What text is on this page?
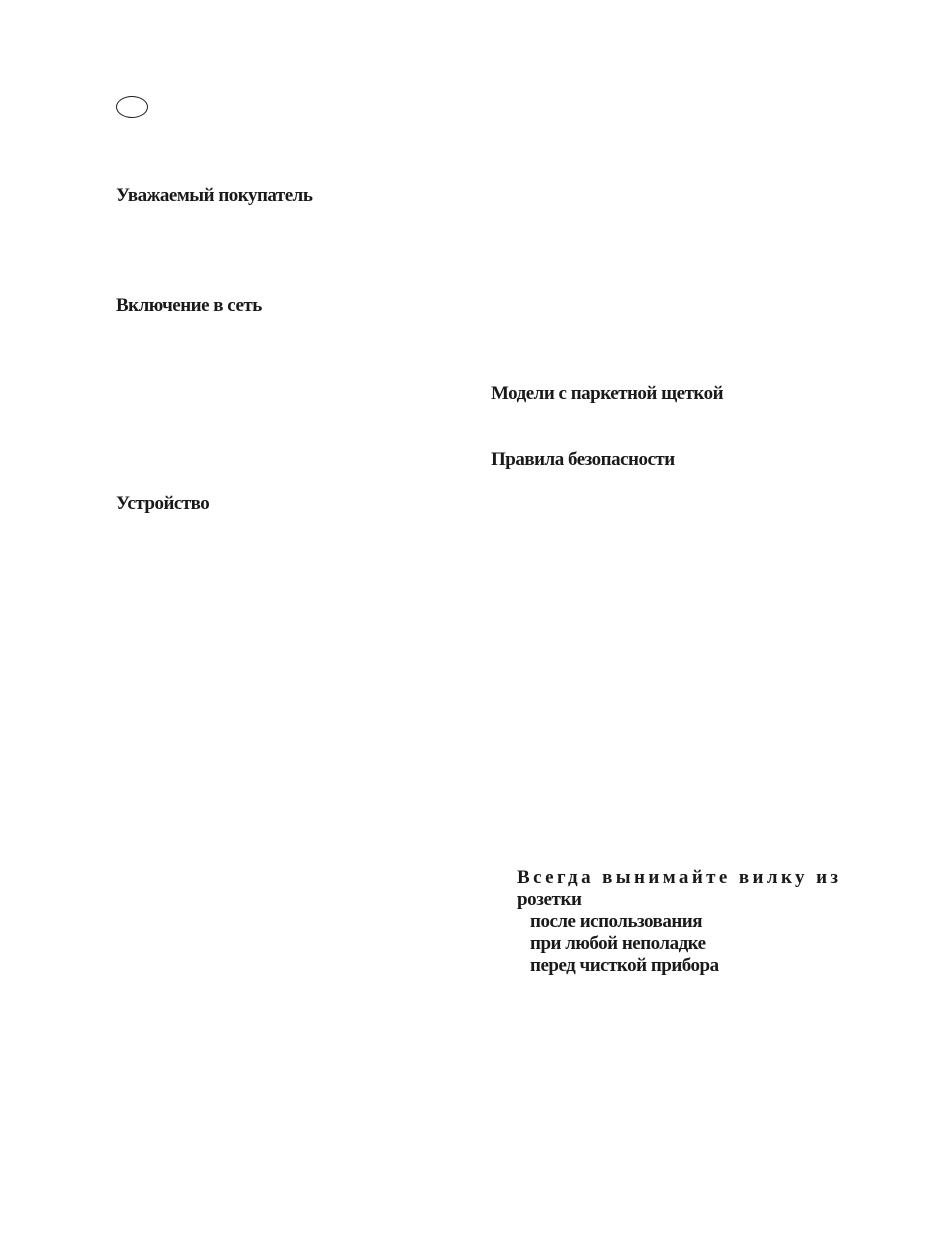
Уважаемый покупатель
Включение в сеть
Модели с паркетной щеткой
Правила безопасности
Устройство
Всегда вынимайте вилку из
розетки
после использования
при любой неполадке
перед чисткой прибора
